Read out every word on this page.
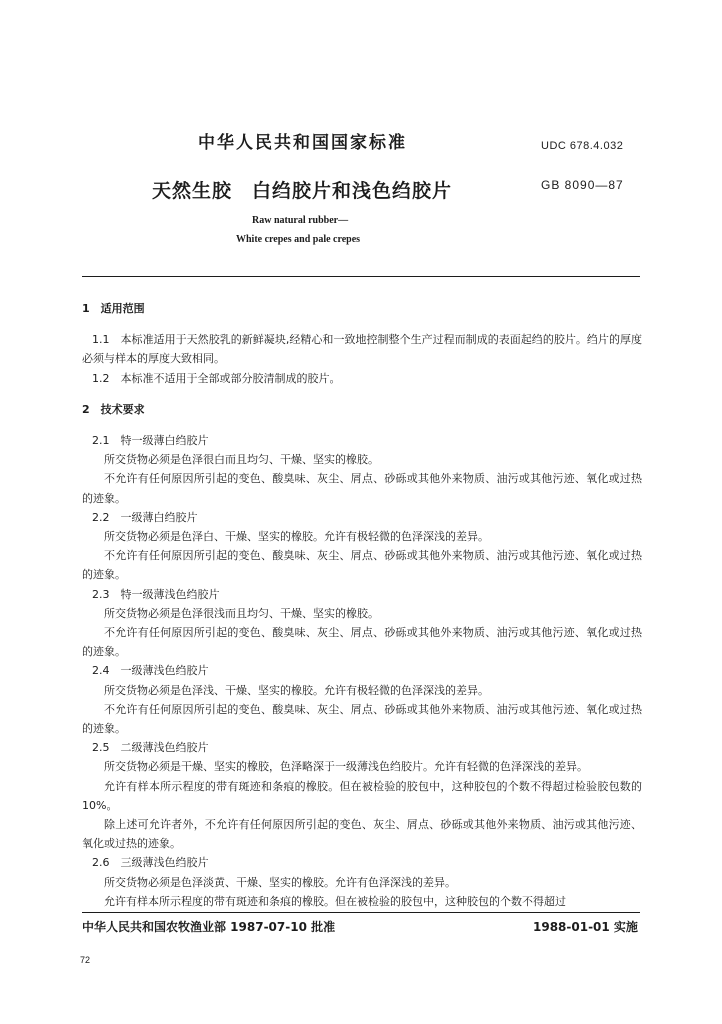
中华人民共和国国家标准	UDC 678.4.032
天然生胶　白绉胶片和浅色绉胶片	GB 8090—87
Raw natural rubber—
White crepes and pale crepes

1　适用范围

1.1　本标准适用于天然胶乳的新鲜凝块,经精心和一致地控制整个生产过程而制成的表面起绉的胶片。绉片的厚度必须与样本的厚度大致相同。

1.2　本标准不适用于全部或部分胶清制成的胶片。

2　技术要求

2.1　特一级薄白绉胶片

所交货物必须是色泽很白而且均匀、干燥、坚实的橡胶。

不允许有任何原因所引起的变色、酸臭味、灰尘、屑点、砂砾或其他外来物质、油污或其他污迹、氧化或过热的迹象。

2.2　一级薄白绉胶片

所交货物必须是色泽白、干燥、坚实的橡胶。允许有极轻微的色泽深浅的差异。

不允许有任何原因所引起的变色、酸臭味、灰尘、屑点、砂砾或其他外来物质、油污或其他污迹、氧化或过热的迹象。

2.3　特一级薄浅色绉胶片

所交货物必须是色泽很浅而且均匀、干燥、坚实的橡胶。

不允许有任何原因所引起的变色、酸臭味、灰尘、屑点、砂砾或其他外来物质、油污或其他污迹、氧化或过热的迹象。

2.4　一级薄浅色绉胶片

所交货物必须是色泽浅、干燥、坚实的橡胶。允许有极轻微的色泽深浅的差异。

不允许有任何原因所引起的变色、酸臭味、灰尘、屑点、砂砾或其他外来物质、油污或其他污迹、氧化或过热的迹象。

2.5　二级薄浅色绉胶片

所交货物必须是干燥、坚实的橡胶，色泽略深于一级薄浅色绉胶片。允许有轻微的色泽深浅的差异。

允许有样本所示程度的带有斑迹和条痕的橡胶。但在被检验的胶包中，这种胶包的个数不得超过检验胶包数的 10%。

除上述可允许者外，不允许有任何原因所引起的变色、灰尘、屑点、砂砾或其他外来物质、油污或其他污迹、氧化或过热的迹象。

2.6　三级薄浅色绉胶片

所交货物必须是色泽淡黄、干燥、坚实的橡胶。允许有色泽深浅的差异。

允许有样本所示程度的带有斑迹和条痕的橡胶。但在被检验的胶包中，这种胶包的个数不得超过

中华人民共和国农牧渔业部 1987-07-10 批准	1988-01-01 实施
72
